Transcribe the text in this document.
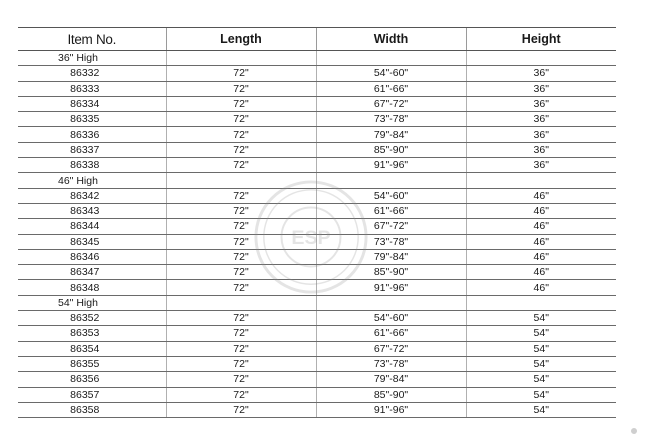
Item No.	Length	Width	Height
36" High			
86332	72"	54"-60"	36"
86333	72"	61"-66"	36"
86334	72"	67"-72"	36"
86335	72"	73"-78"	36"
86336	72"	79"-84"	36"
86337	72"	85"-90"	36"
86338	72"	91"-96"	36"
46" High			
86342	72"	54"-60"	46"
86343	72"	61"-66"	46"
86344	72"	67"-72"	46"
86345	72"	73"-78"	46"
86346	72"	79"-84"	46"
86347	72"	85"-90"	46"
86348	72"	91"-96"	46"
54" High			
86352	72"	54"-60"	54"
86353	72"	61"-66"	54"
86354	72"	67"-72"	54"
86355	72"	73"-78"	54"
86356	72"	79"-84"	54"
86357	72"	85"-90"	54"
86358	72"	91"-96"	54"
ESP
